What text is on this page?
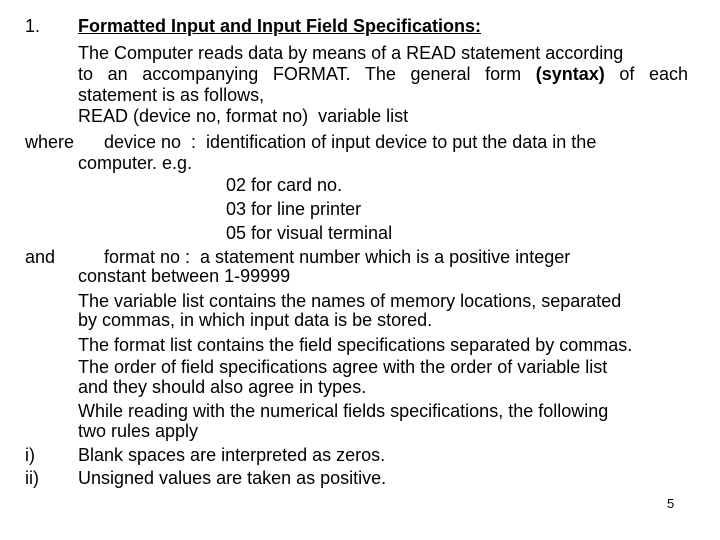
1. Formatted Input and Input Field Specifications:
The Computer reads data by means of a READ statement according
to an accompanying FORMAT. The general form (syntax) of each
statement is as follows,
READ (device no, format no)  variable list
where device no  :  identification of input device to put the data in the
computer. e.g.
02 for card no.
03 for line printer
05 for visual terminal
and	format no :  a statement number which is a positive integer
constant between 1-99999
The variable list contains the names of memory locations, separated
by commas, in which input data is be stored.
The format list contains the field specifications separated by commas.
The order of field specifications agree with the order of variable list
and they should also agree in types.
While reading with the numerical fields specifications, the following
two rules apply
i) Blank spaces are interpreted as zeros.
ii) Unsigned values are taken as positive.
5
